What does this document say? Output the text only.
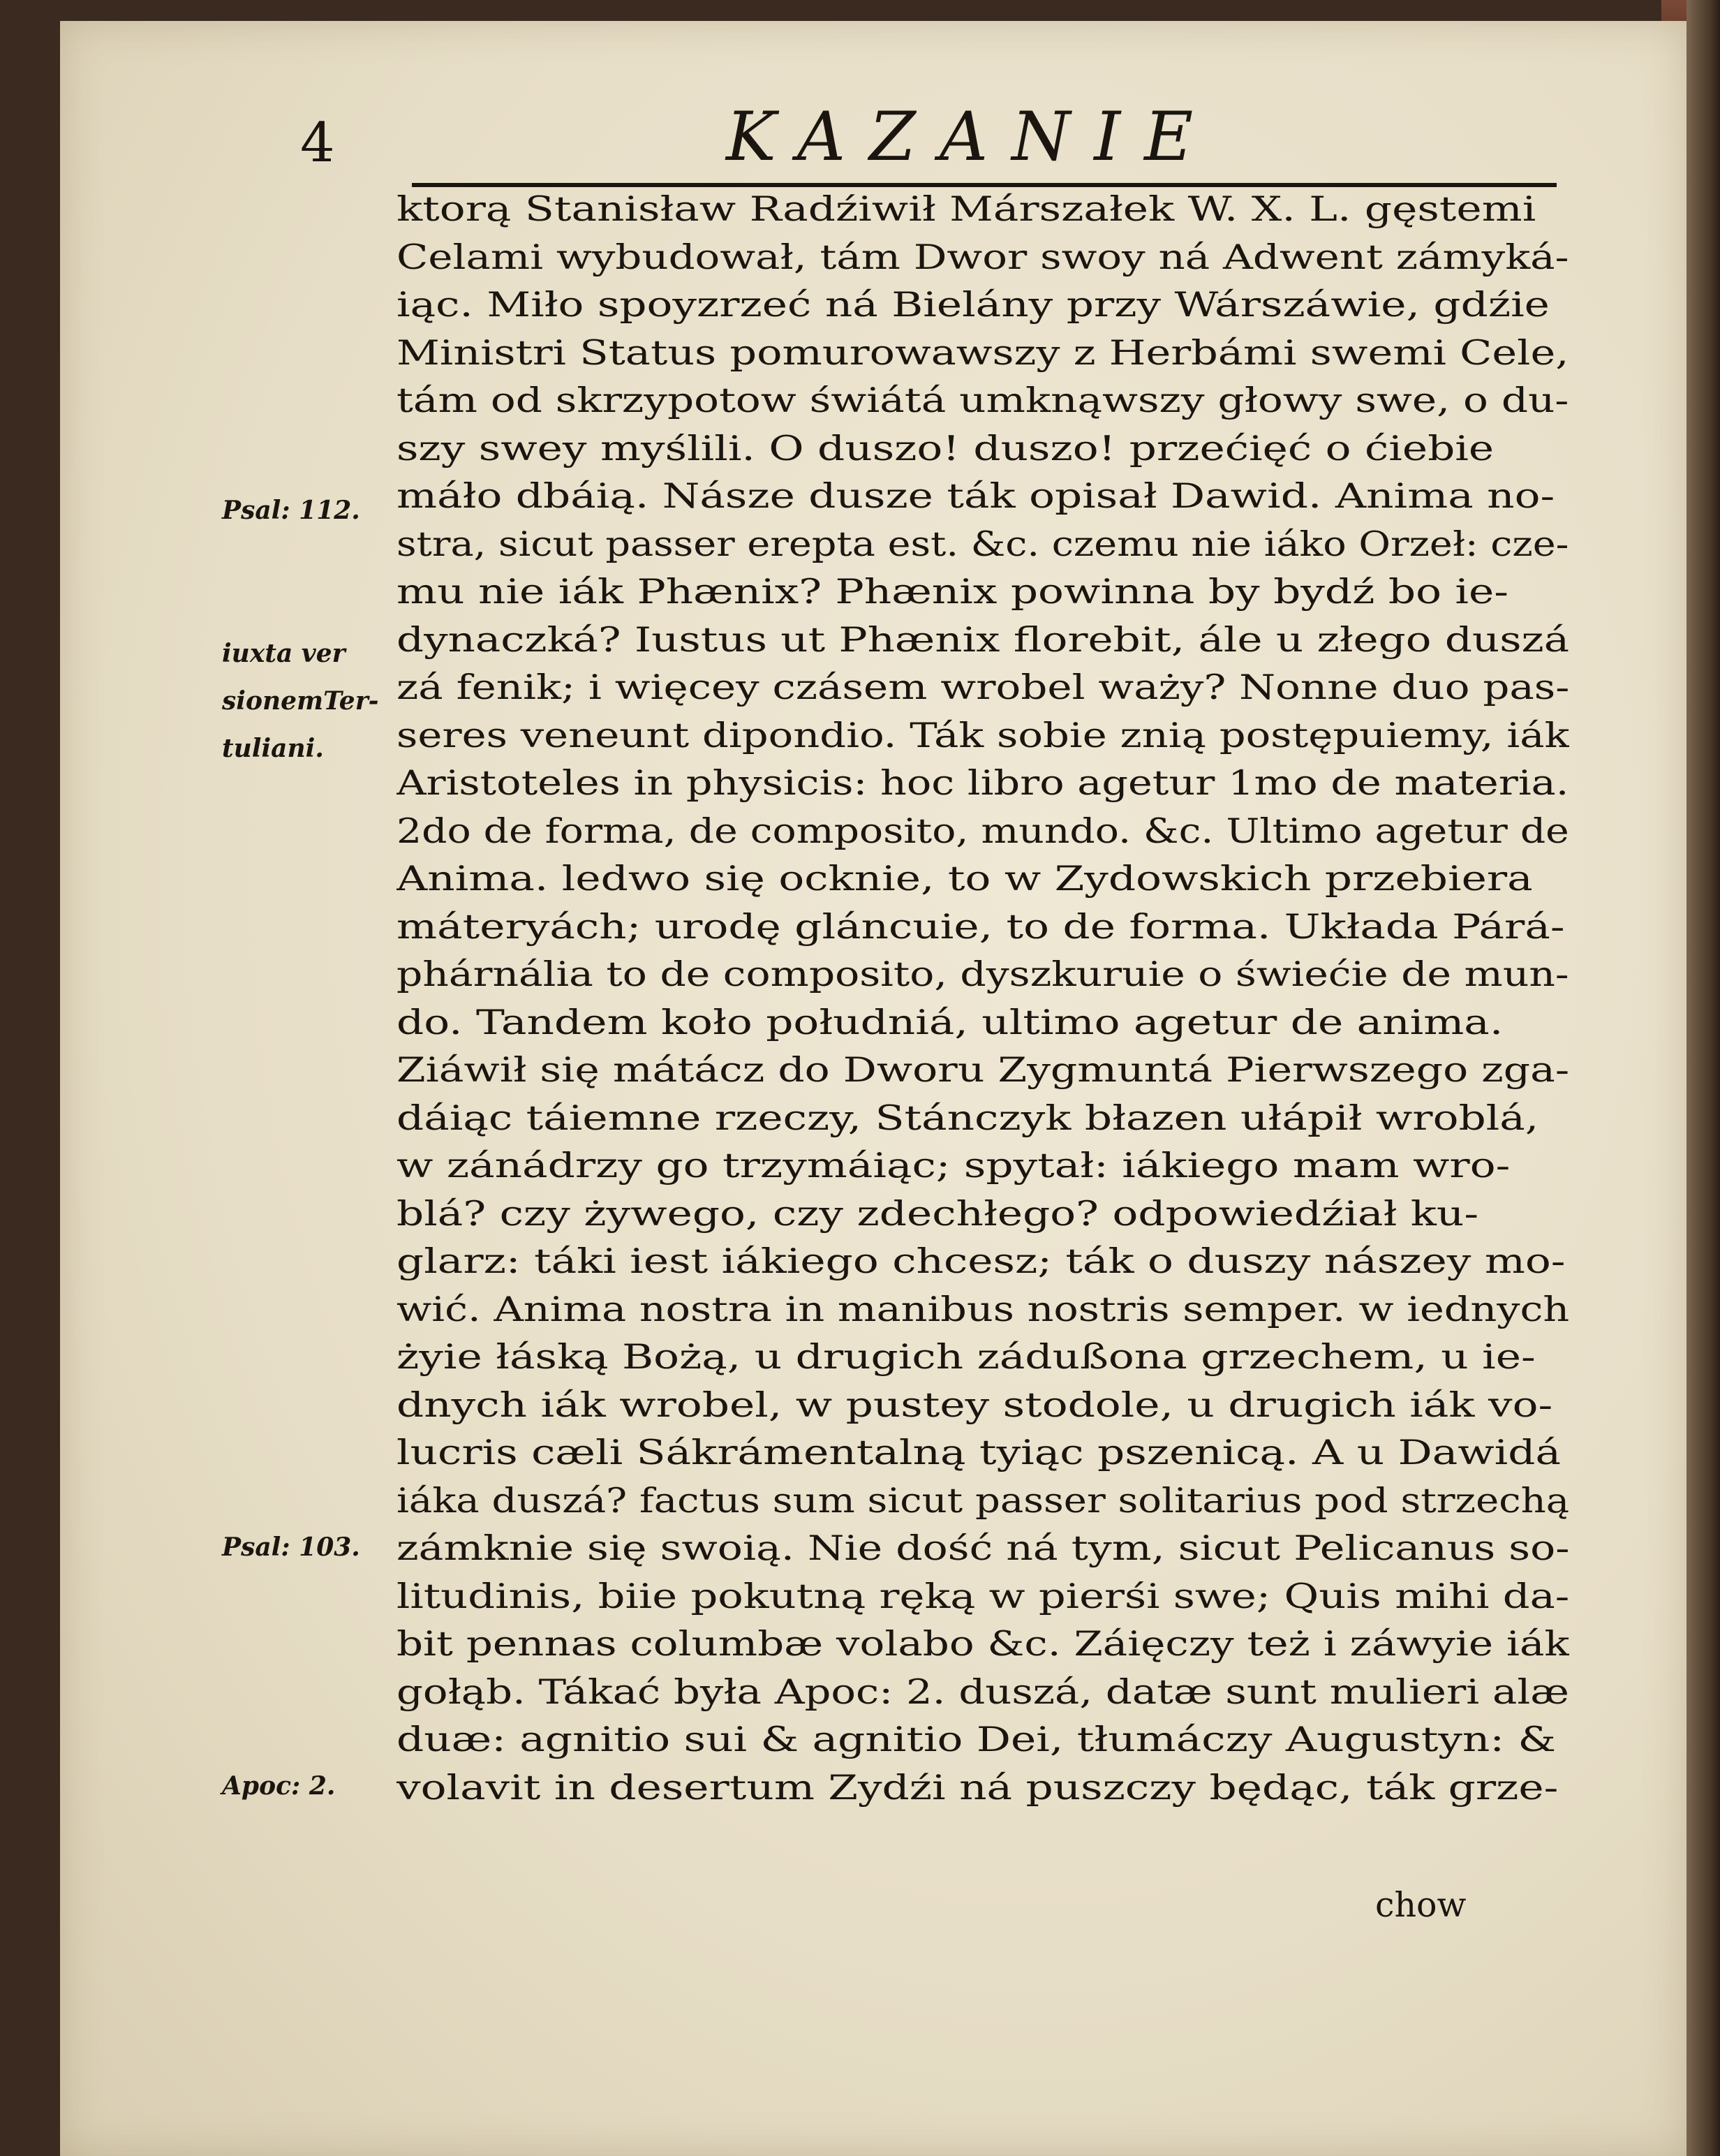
4	KAZANIE
ktorą Stanisław Radźiwił Márszałek W. X. L. gęstemi
Celami wybudował, tám Dwor swoy ná Adwent zámyká-
iąc. Miło spoyzrzeć ná Bielány przy Wárszáwie, gdźie
Ministri Status pomurowawszy z Herbámi swemi Cele,
tám od skrzypotow świátá umknąwszy głowy swe, o du-
szy swey myślili. O duszo! duszo! przećięć o ćiebie
máło dbáią. Násze dusze ták opisał Dawid. Anima no-
stra, sicut passer erepta est. &c. czemu nie iáko Orzeł: cze-
mu nie iák Phænix? Phænix powinna by bydź bo ie-
dynaczká? Iustus ut Phænix florebit, ále u złego duszá
zá fenik; i więcey czásem wrobel waży? Nonne duo pas-
seres veneunt dipondio. Ták sobie znią postępuiemy, iák
Aristoteles in physicis: hoc libro agetur 1mo de materia.
2do de forma, de composito, mundo. &c. Ultimo agetur de
Anima. ledwo się ocknie, to w Zydowskich przebiera
máteryách; urodę gláncuie, to de forma. Układa Párá-
phárnália to de composito, dyszkuruie o świećie de mun-
do. Tandem koło południá, ultimo agetur de anima.
Ziáwił się mátácz do Dworu Zygmuntá Pierwszego zga-
dáiąc táiemne rzeczy, Stánczyk błazen ułápił wroblá,
w zánádrzy go trzymáiąc; spytał: iákiego mam wro-
blá? czy żywego, czy zdechłego? odpowiedźiał ku-
glarz: táki iest iákiego chcesz; ták o duszy nászey mo-
wić. Anima nostra in manibus nostris semper. w iednych
żyie łáską Bożą, u drugich zádußona grzechem, u ie-
dnych iák wrobel, w pustey stodole, u drugich iák vo-
lucris cæli Sákrámentalną tyiąc pszenicą. A u Dawidá
iáka duszá? factus sum sicut passer solitarius pod strzechą
zámknie się swoią. Nie dość ná tym, sicut Pelicanus so-
litudinis, biie pokutną ręką w pierśi swe; Quis mihi da-
bit pennas columbæ volabo &c. Záięczy też i záwyie iák
gołąb. Tákać była Apoc: 2. duszá, datæ sunt mulieri alæ
duæ: agnitio sui & agnitio Dei, tłumáczy Augustyn: &
volavit in desertum Zydźi ná puszczy będąc, ták grze-
chow
Psal: 112.
iuxta ver
sionemTer-
tuliani.
Psal: 103.
Apoc: 2.
